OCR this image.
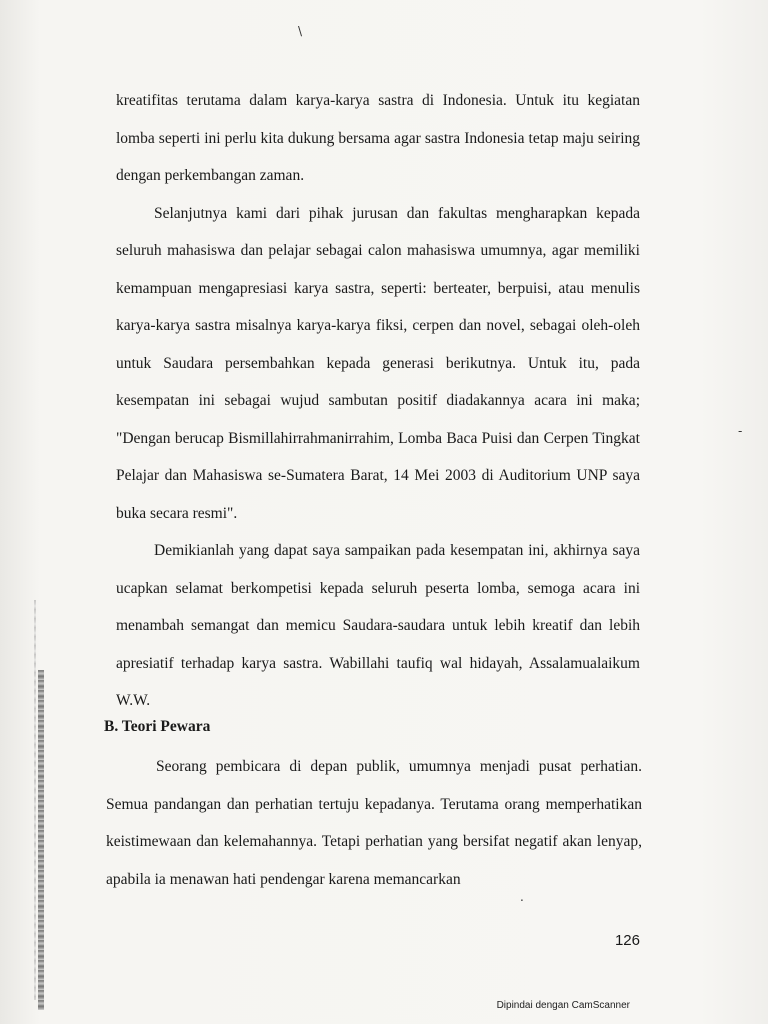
\
-
.

kreatifitas terutama dalam karya-karya sastra di Indonesia. Untuk itu kegiatan lomba seperti ini perlu kita dukung bersama agar sastra Indonesia tetap maju seiring dengan perkembangan zaman.

Selanjutnya kami dari pihak jurusan dan fakultas mengharapkan kepada seluruh mahasiswa dan pelajar sebagai calon mahasiswa umumnya, agar memiliki kemampuan mengapresiasi karya sastra, seperti: berteater, berpuisi, atau menulis karya-karya sastra misalnya karya-karya fiksi, cerpen dan novel, sebagai oleh-oleh untuk Saudara persembahkan kepada generasi berikutnya. Untuk itu, pada kesempatan ini sebagai wujud sambutan positif diadakannya acara ini maka; "Dengan berucap Bismillahirrahmanirrahim, Lomba Baca Puisi dan Cerpen Tingkat Pelajar dan Mahasiswa se-Sumatera Barat, 14 Mei 2003 di Auditorium UNP saya buka secara resmi".

Demikianlah yang dapat saya sampaikan pada kesempatan ini, akhirnya saya ucapkan selamat berkompetisi kepada seluruh peserta lomba, semoga acara ini menambah semangat dan memicu Saudara-saudara untuk lebih kreatif dan lebih apresiatif terhadap karya sastra. Wabillahi taufiq wal hidayah, Assalamualaikum W.W.

B. Teori Pewara

Seorang pembicara di depan publik, umumnya menjadi pusat perhatian. Semua pandangan dan perhatian tertuju kepadanya. Terutama orang memperhatikan keistimewaan dan kelemahannya. Tetapi perhatian yang bersifat negatif akan lenyap, apabila ia menawan hati pendengar karena memancarkan

126
Dipindai dengan CamScanner
